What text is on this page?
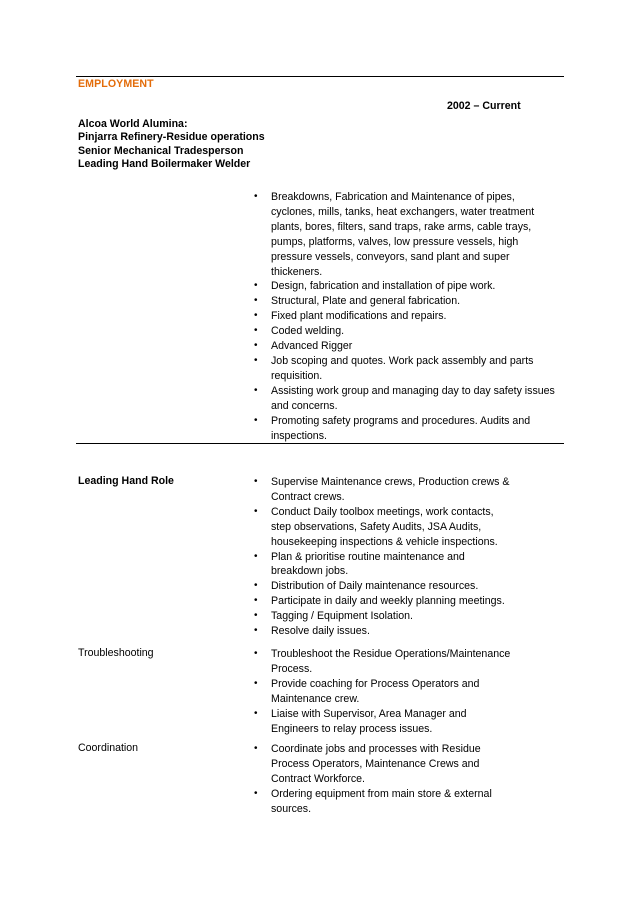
EMPLOYMENT
2002 – Current
Alcoa World Alumina:
Pinjarra Refinery-Residue operations
Senior Mechanical Tradesperson
Leading Hand Boilermaker Welder
• Breakdowns, Fabrication and Maintenance of pipes,
cyclones, mills, tanks, heat exchangers, water treatment
plants, bores, filters, sand traps, rake arms, cable trays,
pumps, platforms, valves, low pressure vessels, high
pressure vessels, conveyors, sand plant and super
thickeners.
• Design, fabrication and installation of pipe work.
• Structural, Plate and general fabrication.
• Fixed plant modifications and repairs.
• Coded welding.
• Advanced Rigger
• Job scoping and quotes. Work pack assembly and parts
requisition.
• Assisting work group and managing day to day safety issues
and concerns.
• Promoting safety programs and procedures. Audits and
inspections.
Leading Hand Role	• Supervise Maintenance crews, Production crews &
Contract crews.
• Conduct Daily toolbox meetings, work contacts,
step observations, Safety Audits, JSA Audits,
housekeeping inspections & vehicle inspections.
• Plan & prioritise routine maintenance and
breakdown jobs.
• Distribution of Daily maintenance resources.
• Participate in daily and weekly planning meetings.
• Tagging / Equipment Isolation.
• Resolve daily issues.
Troubleshooting	• Troubleshoot the Residue Operations/Maintenance
Process.
• Provide coaching for Process Operators and
Maintenance crew.
• Liaise with Supervisor, Area Manager and
Engineers to relay process issues.
Coordination	• Coordinate jobs and processes with Residue
Process Operators, Maintenance Crews and
Contract Workforce.
• Ordering equipment from main store & external
sources.
